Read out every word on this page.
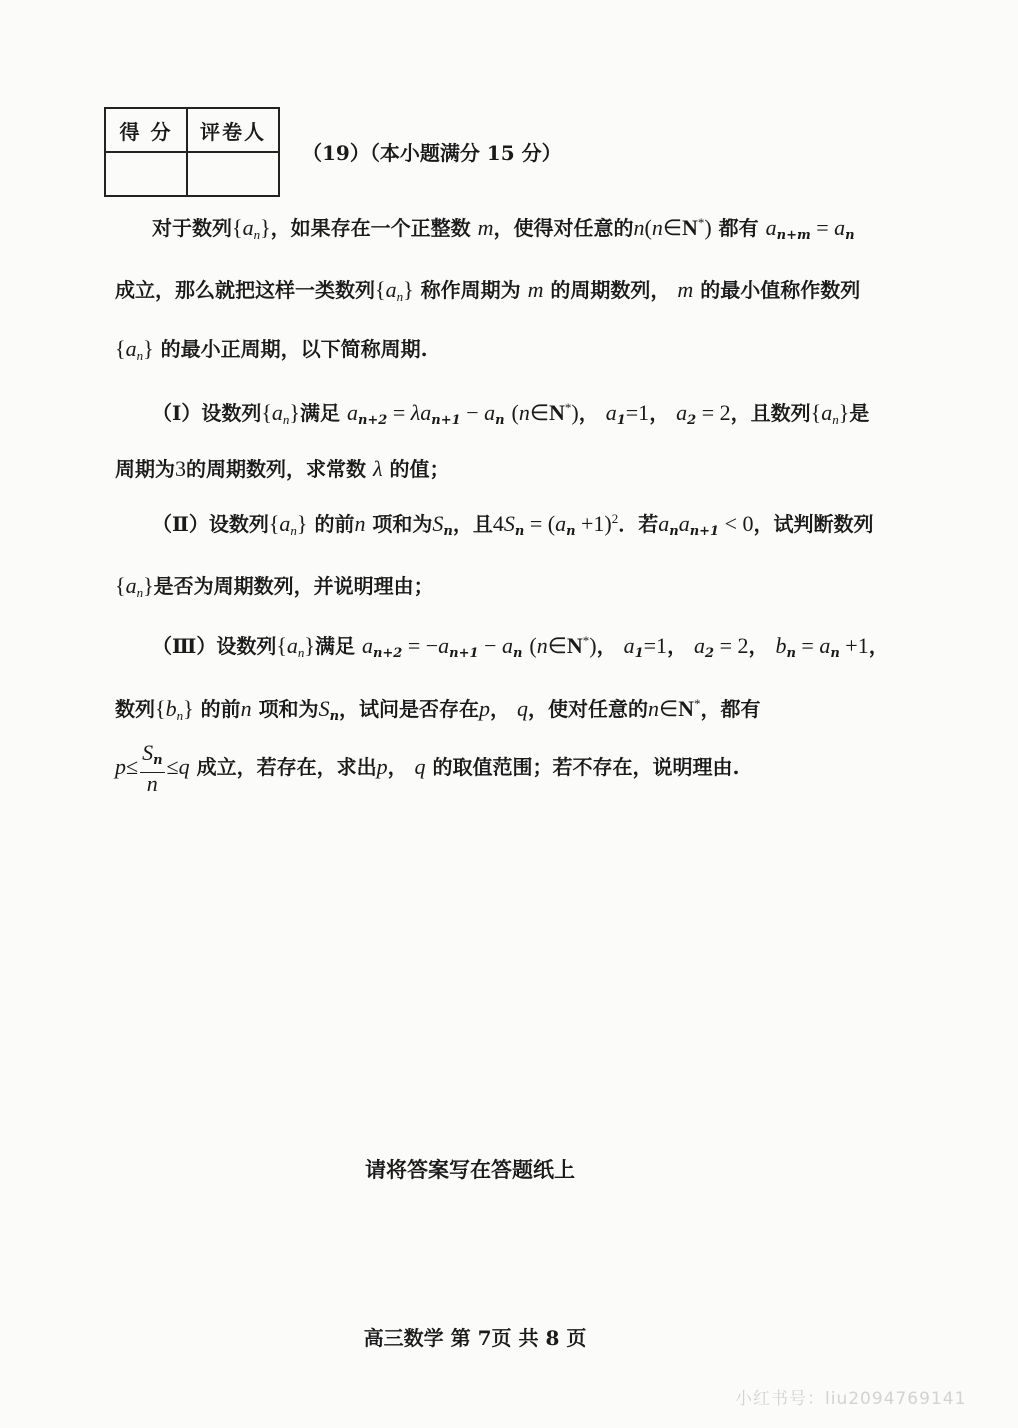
得 分	评卷人

（19）（本小题满分 15 分）
对于数列$\{a_n\}$，如果存在一个正整数 m，使得对任意的n(n∈N*) 都有 $a_{n+m} = a_n$
成立，那么就把这样一类数列$\{a_n\}$ 称作周期为 m 的周期数列， m 的最小值称作数列
$\{a_n\}$ 的最小正周期，以下简称周期.
（Ⅰ）设数列$\{a_n\}$满足 $a_{n+2} = \lambda a_{n+1} - a_n$ (n∈N*)， $a_1=1$， $a_2 = 2$，且数列$\{a_n\}$是
周期为3的周期数列，求常数 λ 的值；
（Ⅱ）设数列$\{a_n\}$ 的前n 项和为$S_n$，且$4S_n = (a_n +1)^2$．若$a_na_{n+1} < 0$，试判断数列
$\{a_n\}$是否为周期数列，并说明理由；
（Ⅲ）设数列$\{a_n\}$满足 $a_{n+2} = -a_{n+1} - a_n$ (n∈N*)， $a_1=1$， $a_2 = 2$， $b_n = a_n +1$，
数列$\{b_n\}$ 的前n 项和为$S_n$，试问是否存在p， q，使对任意的n∈N*，都有
$p\le \frac{S_n}{n} \le q$ 成立，若存在，求出p， q 的取值范围；若不存在，说明理由.
请将答案写在答题纸上
高三数学 第 7页 共 8 页
小红书号：liu2094769141
